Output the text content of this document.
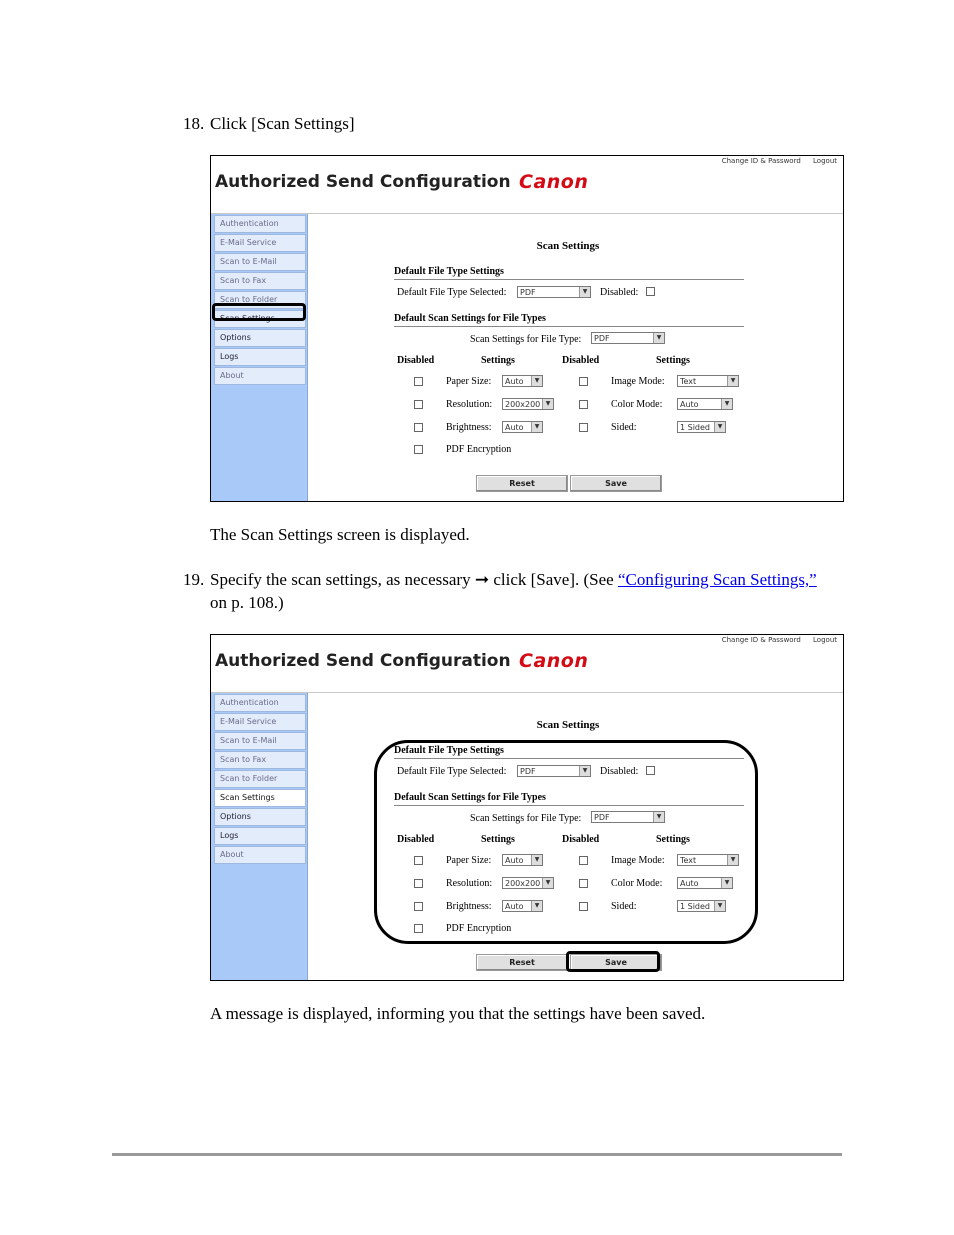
18. Click [Scan Settings]
Change ID & Password Logout
Authorized Send Configuration Canon
Authentication
E-Mail Service
Scan to E-Mail
Scan to Fax
Scan to Folder
Scan Settings
Options
Logs
About
Scan Settings
Default File Type Settings
Default File Type Selected:	PDF	▼ Disabled:
Default Scan Settings for File Types
Scan Settings for File Type:	PDF	▼
Disabled	Settings	Disabled	Settings
Paper Size:	Auto	▼	Image Mode:	Text	▼
Resolution:	200x200 ▼	Color Mode:	Auto	▼
Brightness:	Auto	▼	Sided:	1 Sided	▼
PDF Encryption
Reset	Save
The Scan Settings screen is displayed.
19. Specify the scan settings, as necessary ➞ click [Save]. (See “Configuring Scan Settings,” on p. 108.)
Change ID & Password Logout
Authorized Send Configuration Canon
Authentication
E-Mail Service
Scan to E-Mail
Scan to Fax
Scan to Folder
Scan Settings
Options
Logs
About
Scan Settings
Default File Type Settings
Default File Type Selected:	PDF	▼ Disabled:
Default Scan Settings for File Types
Scan Settings for File Type:	PDF	▼
Disabled	Settings	Disabled	Settings
Paper Size:	Auto	▼	Image Mode:	Text	▼
Resolution:	200x200 ▼	Color Mode:	Auto	▼
Brightness:	Auto	▼	Sided:	1 Sided	▼
PDF Encryption
Reset	Save
A message is displayed, informing you that the settings have been saved.
